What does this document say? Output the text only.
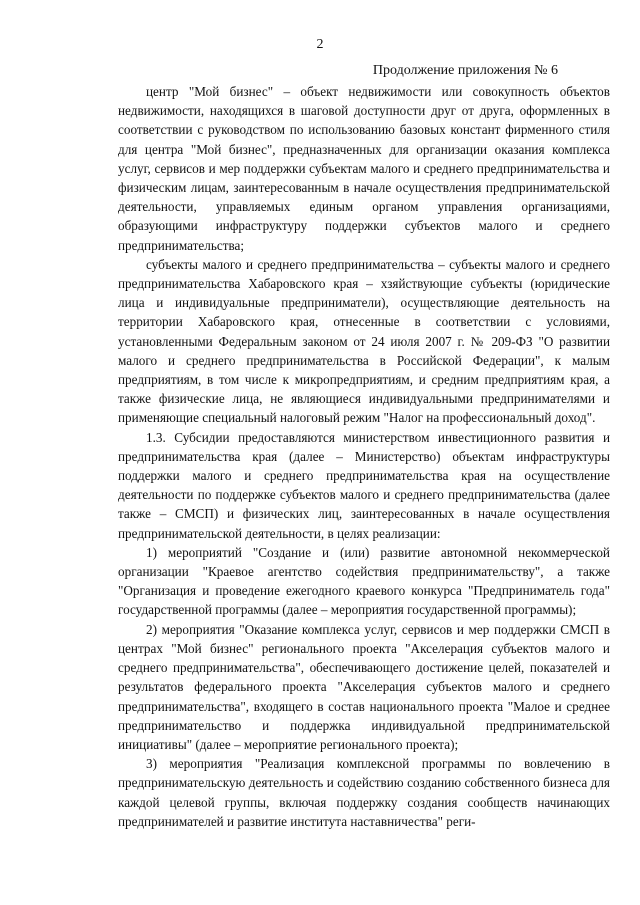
2
Продолжение приложения № 6

центр "Мой бизнес" – объект недвижимости или совокупность объектов недвижимости, находящихся в шаговой доступности друг от друга, оформленных в соответствии с руководством по использованию базовых констант фирменного стиля для центра "Мой бизнес", предназначенных для организации оказания комплекса услуг, сервисов и мер поддержки субъектам малого и среднего предпринимательства и физическим лицам, заинтересованным в начале осуществления предпринимательской деятельности, управляемых единым органом управления организациями, образующими инфраструктуру поддержки субъектов малого и среднего предпринимательства;

субъекты малого и среднего предпринимательства – субъекты малого и среднего предпринимательства Хабаровского края – хзяйствующие субъекты (юридические лица и индивидуальные предприниматели), осуществляющие деятельность на территории Хабаровского края, отнесенные в соответствии с условиями, установленными Федеральным законом от 24 июля 2007 г. № 209-ФЗ "О развитии малого и среднего предпринимательства в Российской Федерации", к малым предприятиям, в том числе к микропредприятиям, и средним предприятиям края, а также физические лица, не являющиеся индивидуальными предпринимателями и применяющие специальный налоговый режим "Налог на профессиональный доход".

1.3. Субсидии предоставляются министерством инвестиционного развития и предпринимательства края (далее – Министерство) объектам инфраструктуры поддержки малого и среднего предпринимательства края на осуществление деятельности по поддержке субъектов малого и среднего предпринимательства (далее также – СМСП) и физических лиц, заинтересованных в начале осуществления предпринимательской деятельности, в целях реализации:

1) мероприятий "Создание и (или) развитие автономной некоммерческой организации "Краевое агентство содействия предпринимательству", а также "Организация и проведение ежегодного краевого конкурса "Предприниматель года" государственной программы (далее – мероприятия государственной программы);

2) мероприятия "Оказание комплекса услуг, сервисов и мер поддержки СМСП в центрах "Мой бизнес" регионального проекта "Акселерация субъектов малого и среднего предпринимательства", обеспечивающего достижение целей, показателей и результатов федерального проекта "Акселерация субъектов малого и среднего предпринимательства", входящего в состав национального проекта "Малое и среднее предпринимательство и поддержка индивидуальной предпринимательской инициативы" (далее – мероприятие регионального проекта);

3) мероприятия "Реализация комплексной программы по вовлечению в предпринимательскую деятельность и содействию созданию собственного бизнеса для каждой целевой группы, включая поддержку создания сообществ начинающих предпринимателей и развитие института наставничества" реги-
